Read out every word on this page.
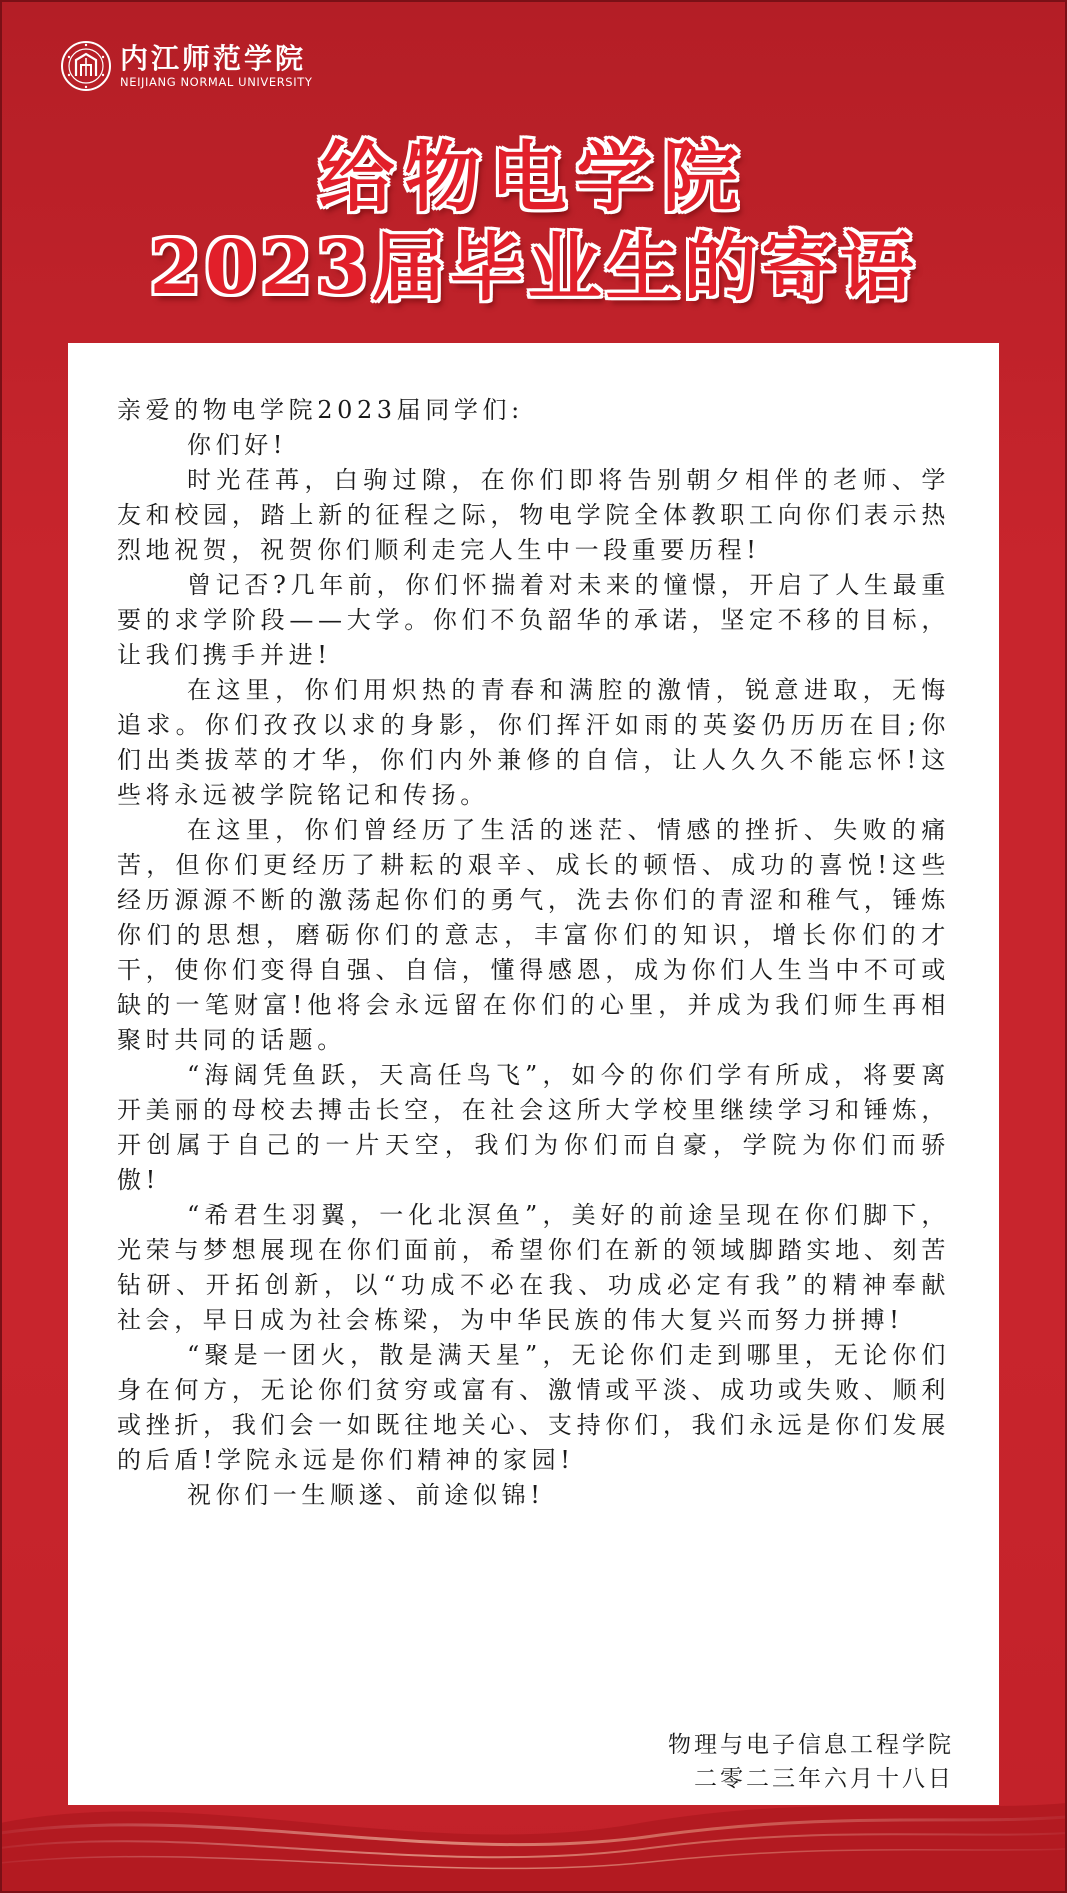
内江师范学院
NEIJIANG NORMAL UNIVERSITY
给物电学院
2023届毕业生的寄语

亲爱的物电学院2023届同学们:

你们好!

时光荏苒，白驹过隙，在你们即将告别朝夕相伴的老师、学友和校园，踏上新的征程之际，物电学院全体教职工向你们表示热烈地祝贺，祝贺你们顺利走完人生中一段重要历程!

曾记否?几年前，你们怀揣着对未来的憧憬，开启了人生最重要的求学阶段——大学。你们不负韶华的承诺，坚定不移的目标，让我们携手并进!

在这里，你们用炽热的青春和满腔的激情，锐意进取，无悔追求。你们孜孜以求的身影，你们挥汗如雨的英姿仍历历在目;你们出类拔萃的才华，你们内外兼修的自信，让人久久不能忘怀!这些将永远被学院铭记和传扬。

在这里，你们曾经历了生活的迷茫、情感的挫折、失败的痛苦，但你们更经历了耕耘的艰辛、成长的顿悟、成功的喜悦!这些经历源源不断的激荡起你们的勇气，洗去你们的青涩和稚气，锤炼你们的思想，磨砺你们的意志，丰富你们的知识，增长你们的才干，使你们变得自强、自信，懂得感恩，成为你们人生当中不可或缺的一笔财富!他将会永远留在你们的心里，并成为我们师生再相聚时共同的话题。

“海阔凭鱼跃，天高任鸟飞”，如今的你们学有所成，将要离开美丽的母校去搏击长空，在社会这所大学校里继续学习和锤炼，开创属于自己的一片天空，我们为你们而自豪，学院为你们而骄傲!

“希君生羽翼，一化北溟鱼”，美好的前途呈现在你们脚下，光荣与梦想展现在你们面前，希望你们在新的领域脚踏实地、刻苦钻研、开拓创新，以“功成不必在我、功成必定有我”的精神奉献社会，早日成为社会栋梁，为中华民族的伟大复兴而努力拼搏!

“聚是一团火，散是满天星”，无论你们走到哪里，无论你们身在何方，无论你们贫穷或富有、激情或平淡、成功或失败、顺利或挫折，我们会一如既往地关心、支持你们，我们永远是你们发展的后盾!学院永远是你们精神的家园!

祝你们一生顺遂、前途似锦!

物理与电子信息工程学院
二零二三年六月十八日
